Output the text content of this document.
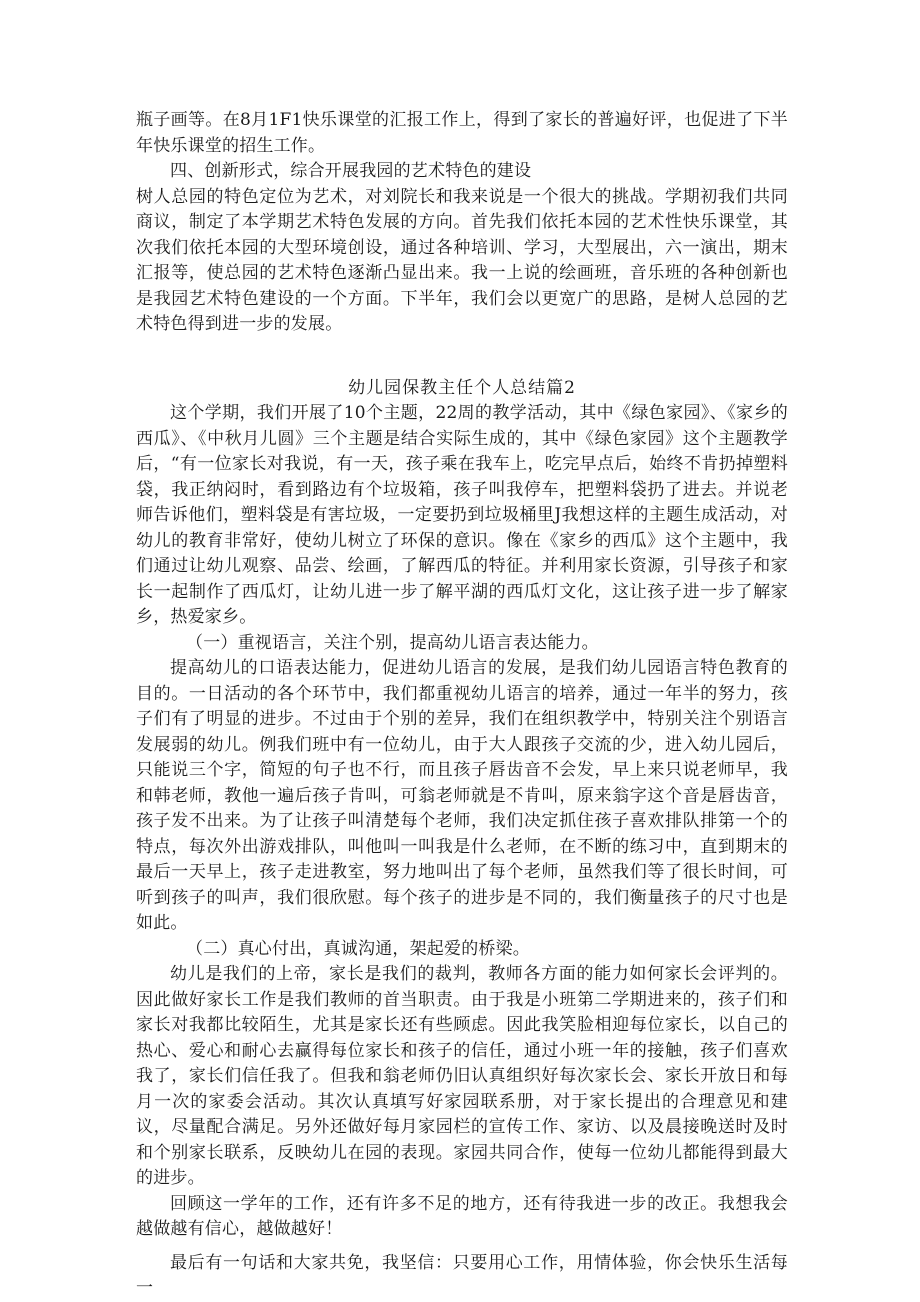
瓶子画等。在8月1F1快乐课堂的汇报工作上，得到了家长的普遍好评，也促进了下半年快乐课堂的招生工作。

四、创新形式，综合开展我园的艺术特色的建设

树人总园的特色定位为艺术，对刘院长和我来说是一个很大的挑战。学期初我们共同商议，制定了本学期艺术特色发展的方向。首先我们依托本园的艺术性快乐课堂，其次我们依托本园的大型环境创设，通过各种培训、学习，大型展出，六一演出，期末汇报等，使总园的艺术特色逐渐凸显出来。我一上说的绘画班，音乐班的各种创新也是我园艺术特色建设的一个方面。下半年，我们会以更宽广的思路，是树人总园的艺术特色得到进一步的发展。

幼儿园保教主任个人总结篇2

这个学期，我们开展了10个主题，22周的教学活动，其中《绿色家园》、《家乡的西瓜》、《中秋月儿圆》三个主题是结合实际生成的，其中《绿色家园》这个主题教学后，“有一位家长对我说，有一天，孩子乘在我车上，吃完早点后，始终不肯扔掉塑料袋，我正纳闷时，看到路边有个垃圾箱，孩子叫我停车，把塑料袋扔了进去。并说老师告诉他们，塑料袋是有害垃圾，一定要扔到垃圾桶里J我想这样的主题生成活动，对幼儿的教育非常好，使幼儿树立了环保的意识。像在《家乡的西瓜》这个主题中，我们通过让幼儿观察、品尝、绘画，了解西瓜的特征。并利用家长资源，引导孩子和家长一起制作了西瓜灯，让幼儿进一步了解平湖的西瓜灯文化，这让孩子进一步了解家乡，热爱家乡。

（一）重视语言，关注个别，提高幼儿语言表达能力。

提高幼儿的口语表达能力，促进幼儿语言的发展，是我们幼儿园语言特色教育的目的。一日活动的各个环节中，我们都重视幼儿语言的培养，通过一年半的努力，孩子们有了明显的进步。不过由于个别的差异，我们在组织教学中，特别关注个别语言发展弱的幼儿。例我们班中有一位幼儿，由于大人跟孩子交流的少，进入幼儿园后，只能说三个字，简短的句子也不行，而且孩子唇齿音不会发，早上来只说老师早，我和韩老师，教他一遍后孩子肯叫，可翁老师就是不肯叫，原来翁字这个音是唇齿音，孩子发不出来。为了让孩子叫清楚每个老师，我们决定抓住孩子喜欢排队排第一个的特点，每次外出游戏排队，叫他叫一叫我是什么老师，在不断的练习中，直到期末的最后一天早上，孩子走进教室，努力地叫出了每个老师，虽然我们等了很长时间，可听到孩子的叫声，我们很欣慰。每个孩子的进步是不同的，我们衡量孩子的尺寸也是如此。

（二）真心付出，真诚沟通，架起爱的桥梁。

幼儿是我们的上帝，家长是我们的裁判，教师各方面的能力如何家长会评判的。因此做好家长工作是我们教师的首当职责。由于我是小班第二学期进来的，孩子们和家长对我都比较陌生，尤其是家长还有些顾虑。因此我笑脸相迎每位家长，以自己的热心、爱心和耐心去赢得每位家长和孩子的信任，通过小班一年的接触，孩子们喜欢我了，家长们信任我了。但我和翁老师仍旧认真组织好每次家长会、家长开放日和每月一次的家委会活动。其次认真填写好家园联系册，对于家长提出的合理意见和建议，尽量配合满足。另外还做好每月家园栏的宣传工作、家访、以及晨接晚送时及时和个别家长联系，反映幼儿在园的表现。家园共同合作，使每一位幼儿都能得到最大的进步。

回顾这一学年的工作，还有许多不足的地方，还有待我进一步的改正。我想我会越做越有信心，越做越好！

最后有一句话和大家共免，我坚信：只要用心工作，用情体验，你会快乐生活每一
